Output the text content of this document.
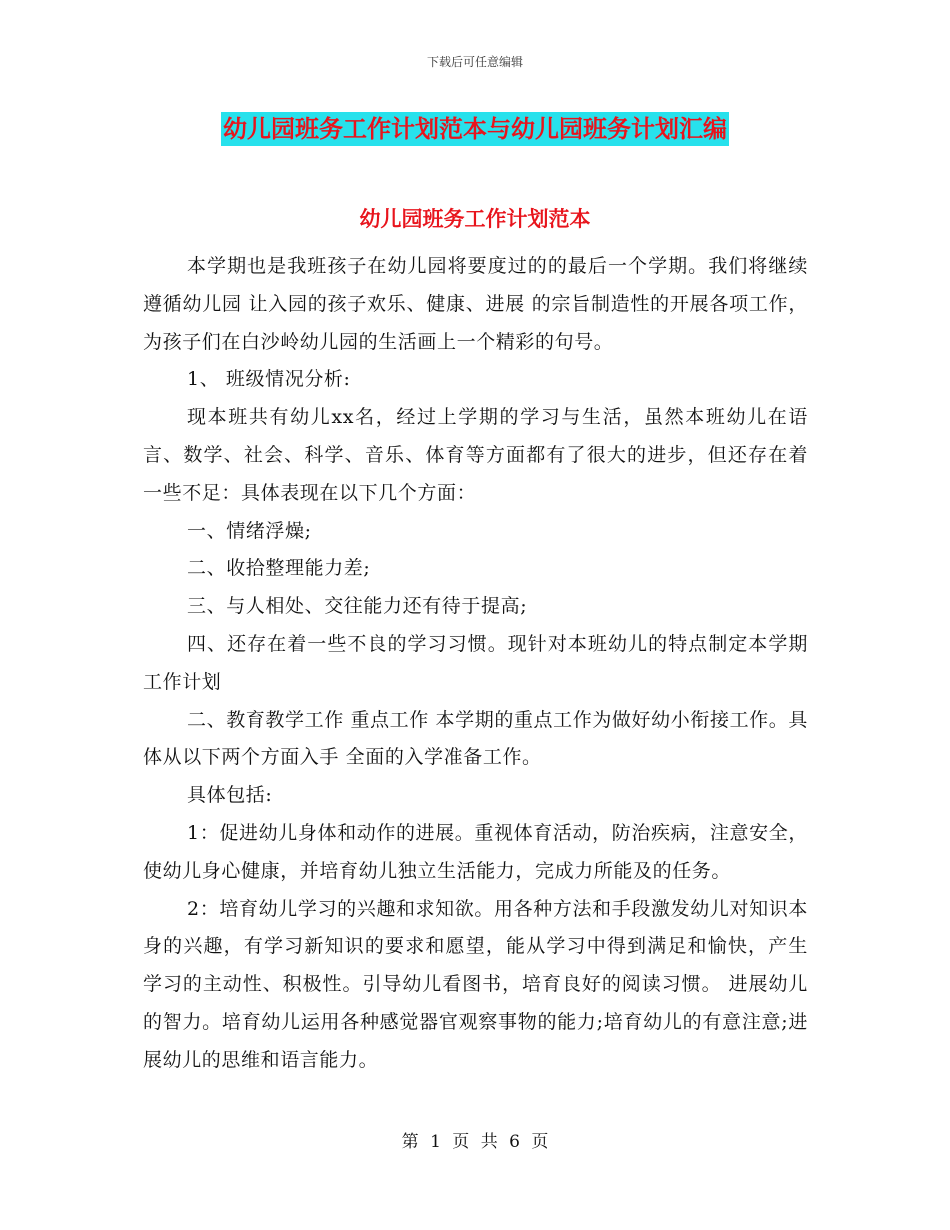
下载后可任意编辑
幼儿园班务工作计划范本与幼儿园班务计划汇编
幼儿园班务工作计划范本

本学期也是我班孩子在幼儿园将要度过的的最后一个学期。我们将继续遵循幼儿园 让入园的孩子欢乐、健康、进展 的宗旨制造性的开展各项工作，为孩子们在白沙岭幼儿园的生活画上一个精彩的句号。

1、 班级情况分析:

现本班共有幼儿xx名，经过上学期的学习与生活，虽然本班幼儿在语言、数学、社会、科学、音乐、体育等方面都有了很大的进步，但还存在着一些不足：具体表现在以下几个方面：

一、情绪浮燥;

二、收拾整理能力差;

三、与人相处、交往能力还有待于提高;

四、还存在着一些不良的学习习惯。现针对本班幼儿的特点制定本学期工作计划

二、教育教学工作 重点工作 本学期的重点工作为做好幼小衔接工作。具体从以下两个方面入手 全面的入学准备工作。

具体包括:

1：促进幼儿身体和动作的进展。重视体育活动，防治疾病，注意安全，使幼儿身心健康，并培育幼儿独立生活能力，完成力所能及的任务。

2：培育幼儿学习的兴趣和求知欲。用各种方法和手段激发幼儿对知识本身的兴趣，有学习新知识的要求和愿望，能从学习中得到满足和愉快，产生学习的主动性、积极性。引导幼儿看图书，培育良好的阅读习惯。 进展幼儿的智力。培育幼儿运用各种感觉器官观察事物的能力;培育幼儿的有意注意;进展幼儿的思维和语言能力。

第 1 页 共 6 页
